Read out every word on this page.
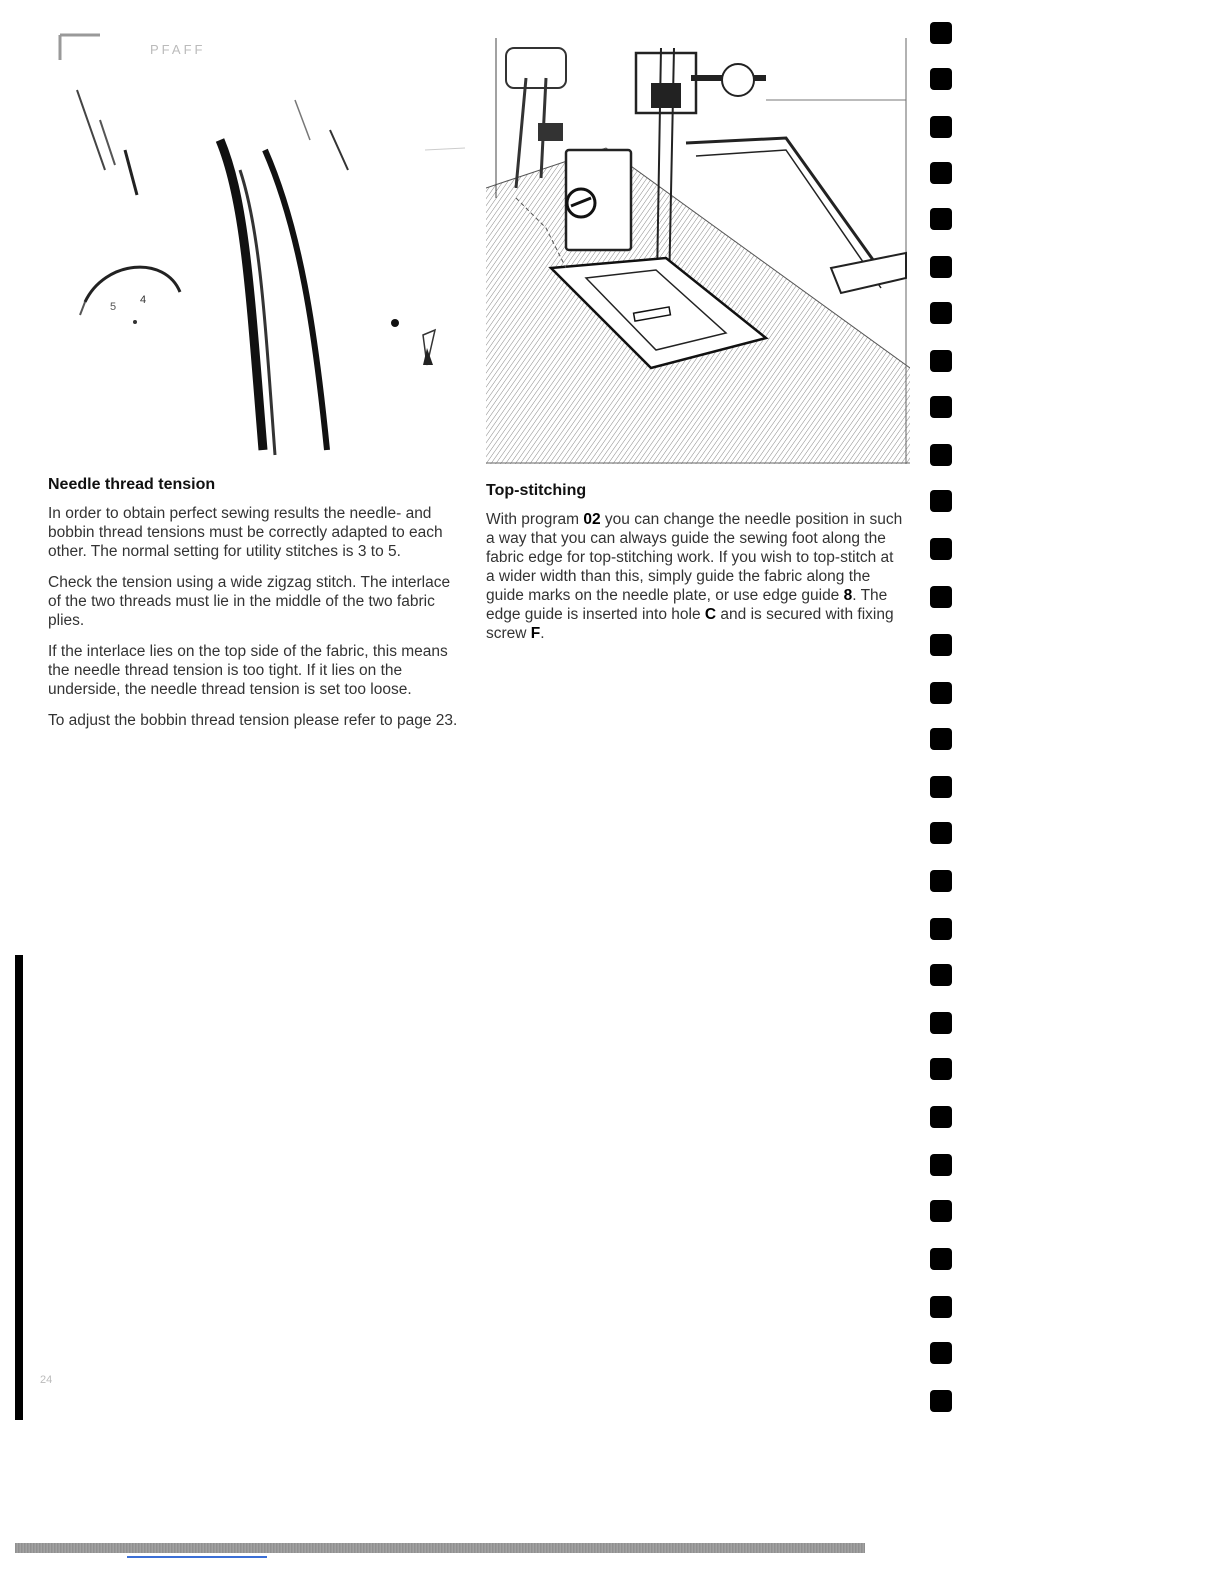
PFAFF
5
4
Needle thread tension

In order to obtain perfect sewing results the needle- and bobbin thread tensions must be correctly adapted to each other. The normal setting for utility stitches is 3 to 5.

Check the tension using a wide zigzag stitch. The interlace of the two threads must lie in the middle of the two fabric plies.

If the interlace lies on the top side of the fabric, this means the needle thread tension is too tight. If it lies on the underside, the needle thread tension is set too loose.

To adjust the bobbin thread tension please refer to page 23.

Top-stitching

With program 02 you can change the needle position in such a way that you can always guide the sewing foot along the fabric edge for top-stitching work. If you wish to top-stitch at a wider width than this, simply guide the fabric along the guide marks on the needle plate, or use edge guide 8. The edge guide is inserted into hole C and is secured with fixing screw F.

24
